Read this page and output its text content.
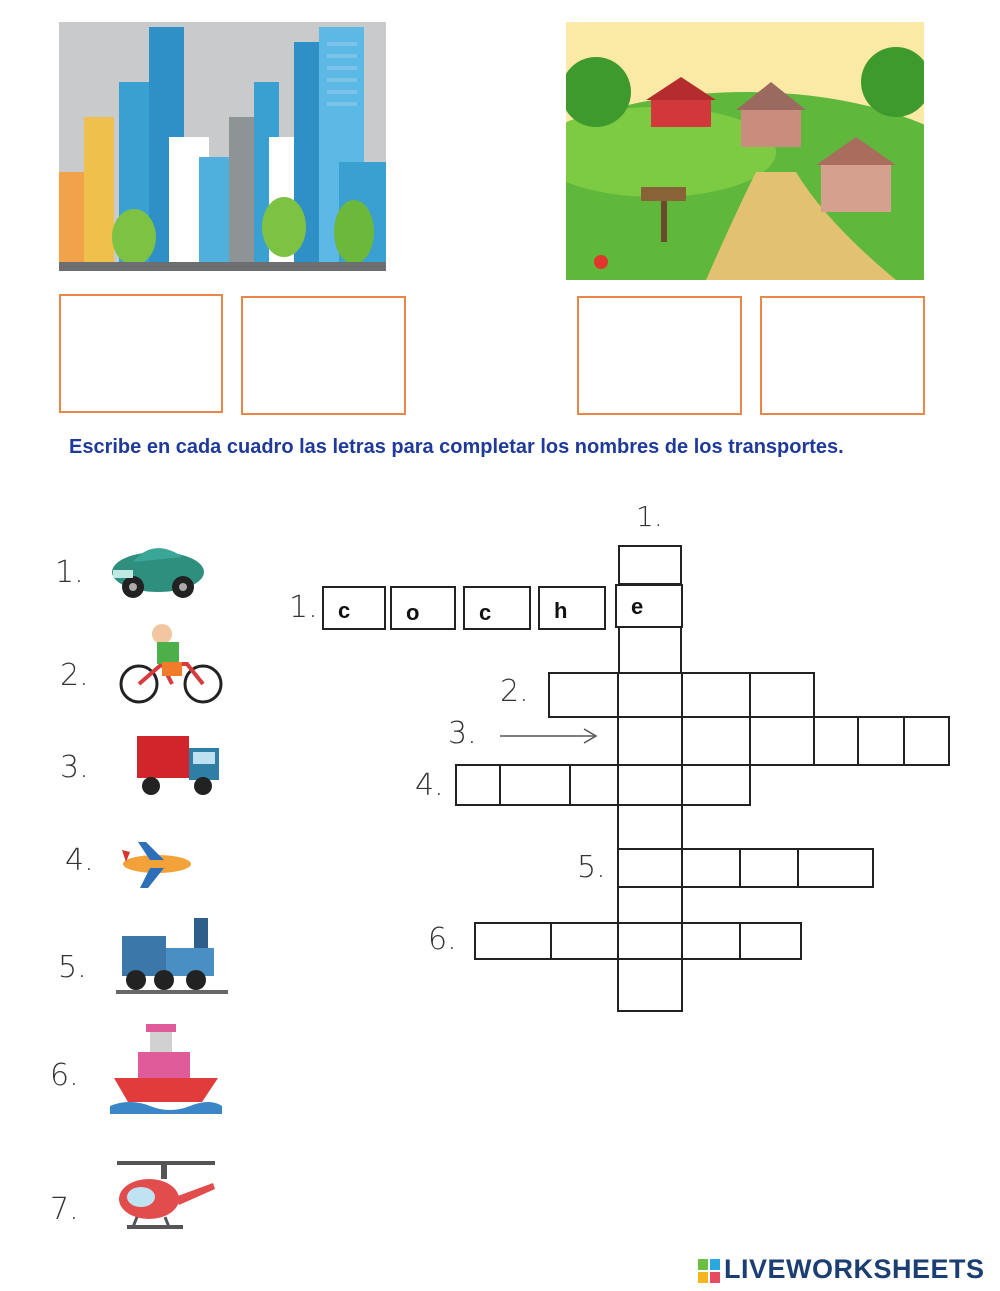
Escribe en cada cuadro las letras para completar los nombres de los transportes.
1.
2.
3.
4.
5.
6.
7.
1.
1.
2.
3.
4.
5.
6.
c	o	c	h	e
LIVEWORKSHEETS
